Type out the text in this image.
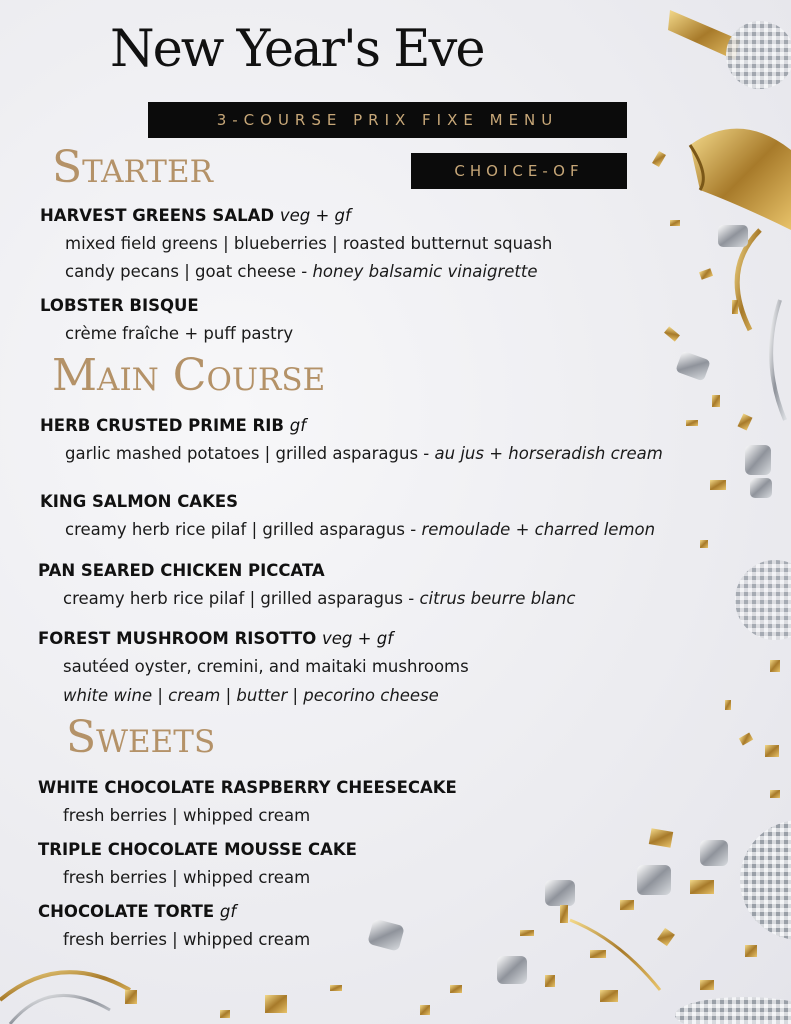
New Year's Eve
3-COURSE PRIX FIXE MENU
CHOICE-OF
Starter
HARVEST GREENS SALAD veg + gf
mixed field greens | blueberries | roasted butternut squash
candy pecans | goat cheese - honey balsamic vinaigrette
LOBSTER BISQUE
crème fraîche + puff pastry
Main Course
HERB CRUSTED PRIME RIB gf
garlic mashed potatoes | grilled asparagus - au jus + horseradish cream
KING SALMON CAKES
creamy herb rice pilaf | grilled asparagus - remoulade + charred lemon
PAN SEARED CHICKEN PICCATA
creamy herb rice pilaf | grilled asparagus - citrus beurre blanc
FOREST MUSHROOM RISOTTO veg + gf
sautéed oyster, cremini, and maitaki mushrooms
white wine | cream | butter | pecorino cheese
Sweets
WHITE CHOCOLATE RASPBERRY CHEESECAKE
fresh berries | whipped cream
TRIPLE CHOCOLATE MOUSSE CAKE
fresh berries | whipped cream
CHOCOLATE TORTE gf
fresh berries | whipped cream
